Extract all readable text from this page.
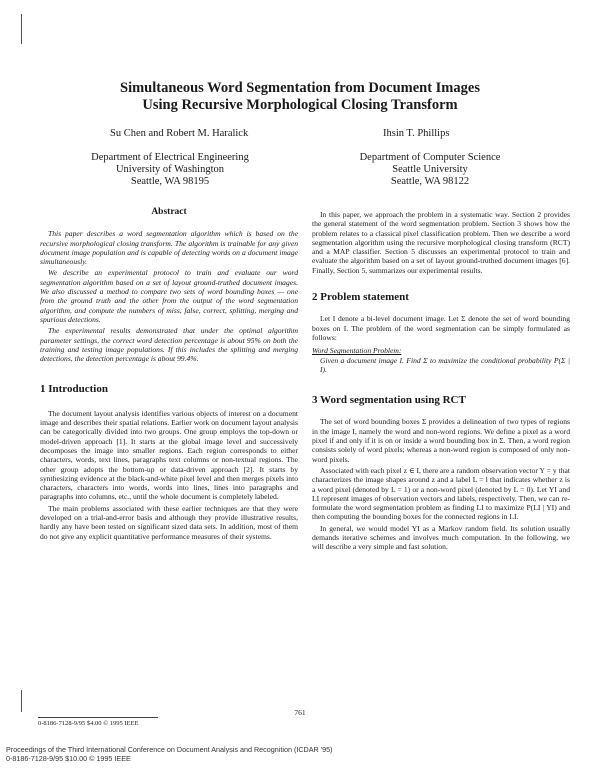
Simultaneous Word Segmentation from Document Images
Using Recursive Morphological Closing Transform
Su Chen and Robert M. Haralick	Ihsin T. Phillips
Department of Electrical Engineering
University of Washington
Seattle, WA 98195
Department of Computer Science
Seattle University
Seattle, WA 98122
Abstract

This paper describes a word segmentation algorithm which is based on the recursive morphological closing transform. The algorithm is trainable for any given document image population and is capable of detecting words on a document image simultaneously.

We describe an experimental protocol to train and evaluate our word segmentation algorithm based on a set of layout ground-truthed document images. We also discussed a method to compare two sets of word bounding boxes — one from the ground truth and the other from the output of the word segmentation algorithm, and compute the numbers of miss, false, correct, splitting, merging and spurious detections.

The experimental results demonstrated that under the optimal algorithm parameter settings, the correct word detection percentage is about 95% on both the training and testing image populations. If this includes the splitting and merging detections, the detection percentage is about 99.4%.

1 Introduction

The document layout analysis identifies various objects of interest on a document image and describes their spatial relations. Earlier work on document layout analysis can be categorically divided into two groups. One group employs the top-down or model-driven approach [1]. It starts at the global image level and successively decomposes the image into smaller regions. Each region corresponds to either characters, words, text lines, paragraphs text columns or non-textual regions. The other group adopts the bottom-up or data-driven approach [2]. It starts by synthesizing evidence at the black-and-white pixel level and then merges pixels into characters, characters into words, words into lines, lines into paragraphs and paragraphs into columns, etc., until the whole document is completely labeled.

The main problems associated with these earlier techniques are that they were developed on a trial-and-error basis and although they provide illustrative results, hardly any have been tested on significant sized data sets. In addition, most of them do not give any explicit quantitative performance measures of their systems.

In this paper, we approach the problem in a systematic way. Section 2 provides the general statement of the word segmentation problem. Section 3 shows how the problem relates to a classical pixel classification problem. Then we describe a word segmentation algorithm using the recursive morphological closing transform (RCT) and a MAP classifier. Section 5 discusses an experimental protocol to train and evaluate the algorithm based on a set of layout ground-truthed document images [6]. Finally, Section 5, summarizes our experimental results.

2 Problem statement

Let I denote a bi-level document image. Let Σ denote the set of word bounding boxes on I. The problem of the word segmentation can be simply formulated as follows:

Word Segmentation Problem:
Given a document image I. Find Σ to maximize the conditional probability P(Σ | I).
3 Word segmentation using RCT

The set of word bounding boxes Σ provides a delineation of two types of regions in the image I, namely the word and non-word regions. We define a pixel as a word pixel if and only if it is on or inside a word bounding box in Σ. Then, a word region consists solely of word pixels; whereas a non-word region is composed of only non-word pixels.

Associated with each pixel z ∈ I, there are a random observation vector Y = y that characterizes the image shapes around z and a label L = l that indicates whether z is a word pixel (denoted by L = 1) or a non-word pixel (denoted by L = 0). Let YI and LI represent images of observation vectors and labels, respectively. Then, we can re-formulate the word segmentation problem as finding LI to maximize P(LI | YI) and then computing the bounding boxes for the connected regions in LI.

In general, we would model YI as a Markov random field. Its solution usually demands iterative schemes and involves much computation. In the following, we will describe a very simple and fast solution.

761
0-8186-7128-9/95 $4.00 © 1995 IEEE
Proceedings of the Third International Conference on Document Analysis and Recognition (ICDAR '95)
0-8186-7128-9/95 $10.00 © 1995 IEEE
